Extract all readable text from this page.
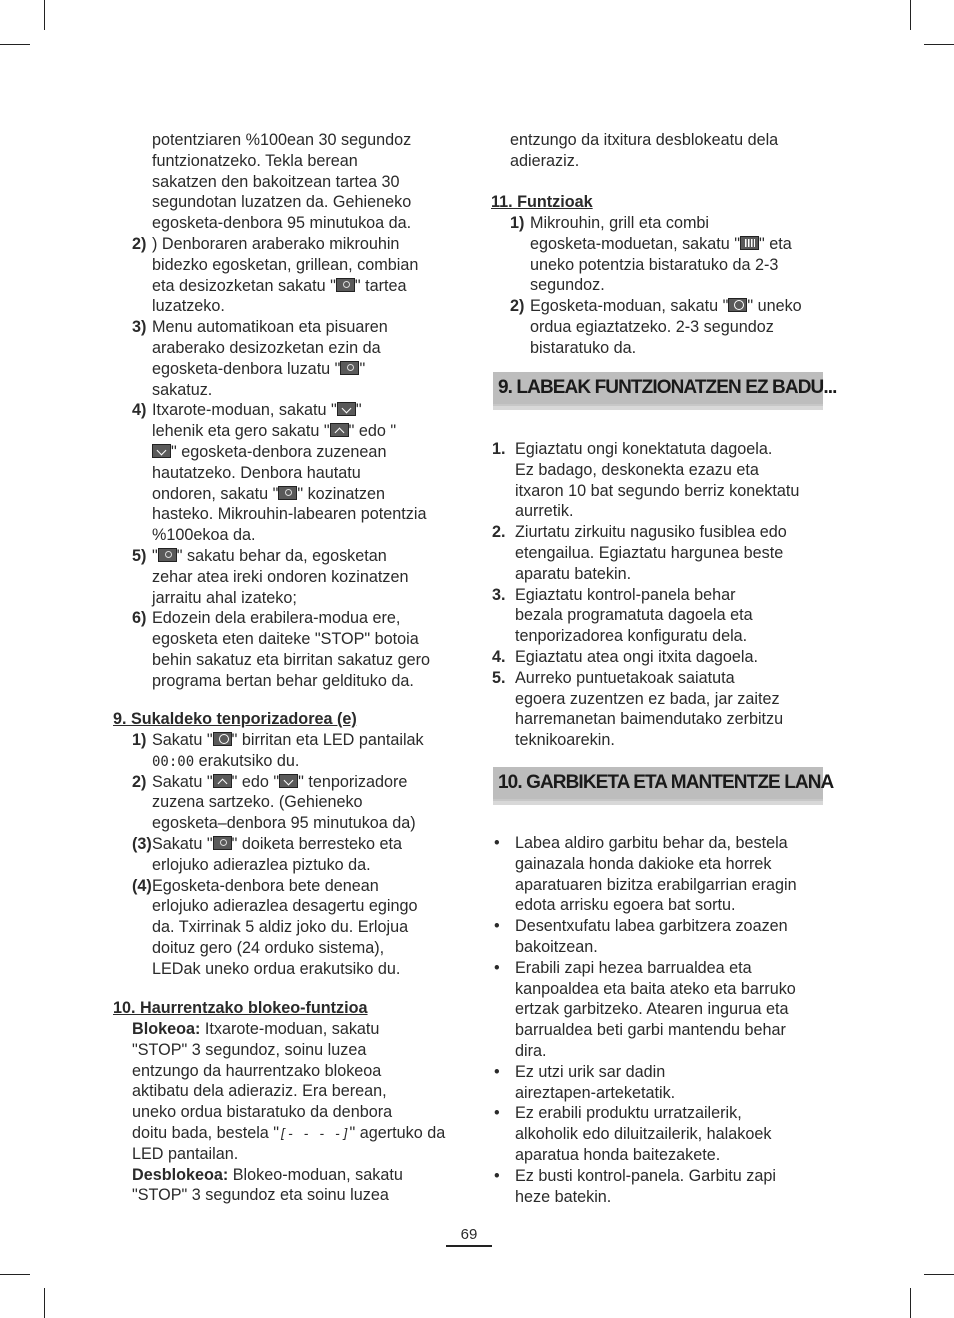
potentziaren %100ean 30 segundoz
funtzionatzeko. Tekla berean
sakatzen den bakoitzean tartea 30
segundotan luzatzen da. Gehieneko
egosketa-denbora 95 minutukoa da.
2) ) Denboraren araberako mikrouhin
bidezko egosketan, grillean, combian
eta desizozketan sakatu " " tartea
luzatzeko.
3) Menu automatikoan eta pisuaren
araberako desizozketan ezin da
egosketa-denbora luzatu " "
sakatuz.
4) Itxarote-moduan, sakatu " "
lehenik eta gero sakatu " " edo "
" egosketa-denbora zuzenean
hautatzeko. Denbora hautatu
ondoren, sakatu " " kozinatzen
hasteko. Mikrouhin-labearen potentzia
%100ekoa da.
5) " " sakatu behar da, egosketan
zehar atea ireki ondoren kozinatzen
jarraitu ahal izateko;
6) Edozein dela erabilera-modua ere,
egosketa eten daiteke "STOP" botoia
behin sakatuz eta birritan sakatuz gero
programa bertan behar gelditukο da.
9. Sukaldeko tenporizadorea (e)
1) Sakatu " " birritan eta LED pantailak
00:00 erakutsiko du.
2) Sakatu " " edo " " tenporizadore
zuzena sartzeko. (Gehieneko
egosketa–denbora 95 minutukoa da)
(3) Sakatu " " doiketa berresteko eta
erlojuko adierazlea piztuko da.
(4) Egosketa-denbora bete denean
erlojuko adierazlea desagertu egingo
da. Txirrinak 5 aldiz joko du. Erlojua
doituz gero (24 orduko sistema),
LEDak uneko ordua erakutsiko du.
10. Haurrentzako blokeo-funtzioa
Blokeoa: Itxarote-moduan, sakatu
"STOP" 3 segundoz, soinu luzea
entzungo da haurrentzako blokeoa
aktibatu dela adieraziz. Era berean,
uneko ordua bistaratuko da denbora
doitu bada, bestela "[- - - -]" agertuko da
LED pantailan.
Desblokeoa: Blokeo-moduan, sakatu
"STOP" 3 segundoz eta soinu luzea
entzungo da itxitura desblokeatu dela
adieraziz.
11. Funtzioak
1) Mikrouhin, grill eta combi
egosketa-moduetan, sakatu " " eta
uneko potentzia bistaratuko da 2-3
segundoz.
2) Egosketa-moduan, sakatu " " uneko
ordua egiaztatzeko. 2-3 segundoz
bistaratuko da.
9. LABEAK FUNTZIONATZEN EZ BADU...
1. Egiaztatu ongi konektatuta dagoela.
Ez badago, deskonekta ezazu eta
itxaron 10 bat segundo berriz konektatu
aurretik.
2. Ziurtatu zirkuitu nagusiko fusiblea edo
etengailua. Egiaztatu hargunea beste
aparatu batekin.
3. Egiaztatu kontrol-panela behar
bezala programatuta dagoela eta
tenporizadorea konfiguratu dela.
4. Egiaztatu atea ongi itxita dagoela.
5. Aurreko puntuetakoak saiatuta
egoera zuzentzen ez bada, jar zaitez
harremanetan baimendutako zerbitzu
teknikoarekin.
10. GARBIKETA ETA MANTENTZE LANA
• Labea aldiro garbitu behar da, bestela
gainazala honda dakioke eta horrek
aparatuaren bizitza erabilgarrian eragin
edota arrisku egoera bat sortu.
• Desentxufatu labea garbitzera zoazen
bakoitzean.
• Erabili zapi hezea barrualdea eta
kanpoaldea eta baita ateko eta barruko
ertzak garbitzeko. Atearen ingurua eta
barrualdea beti garbi mantendu behar
dira.
• Ez utzi urik sar dadin
aireztapen-arteketatik.
• Ez erabili produktu urratzailerik,
alkoholik edo diluitzailerik, halakoek
aparatua honda baitezakete.
• Ez busti kontrol-panela. Garbitu zapi
heze batekin.
69
